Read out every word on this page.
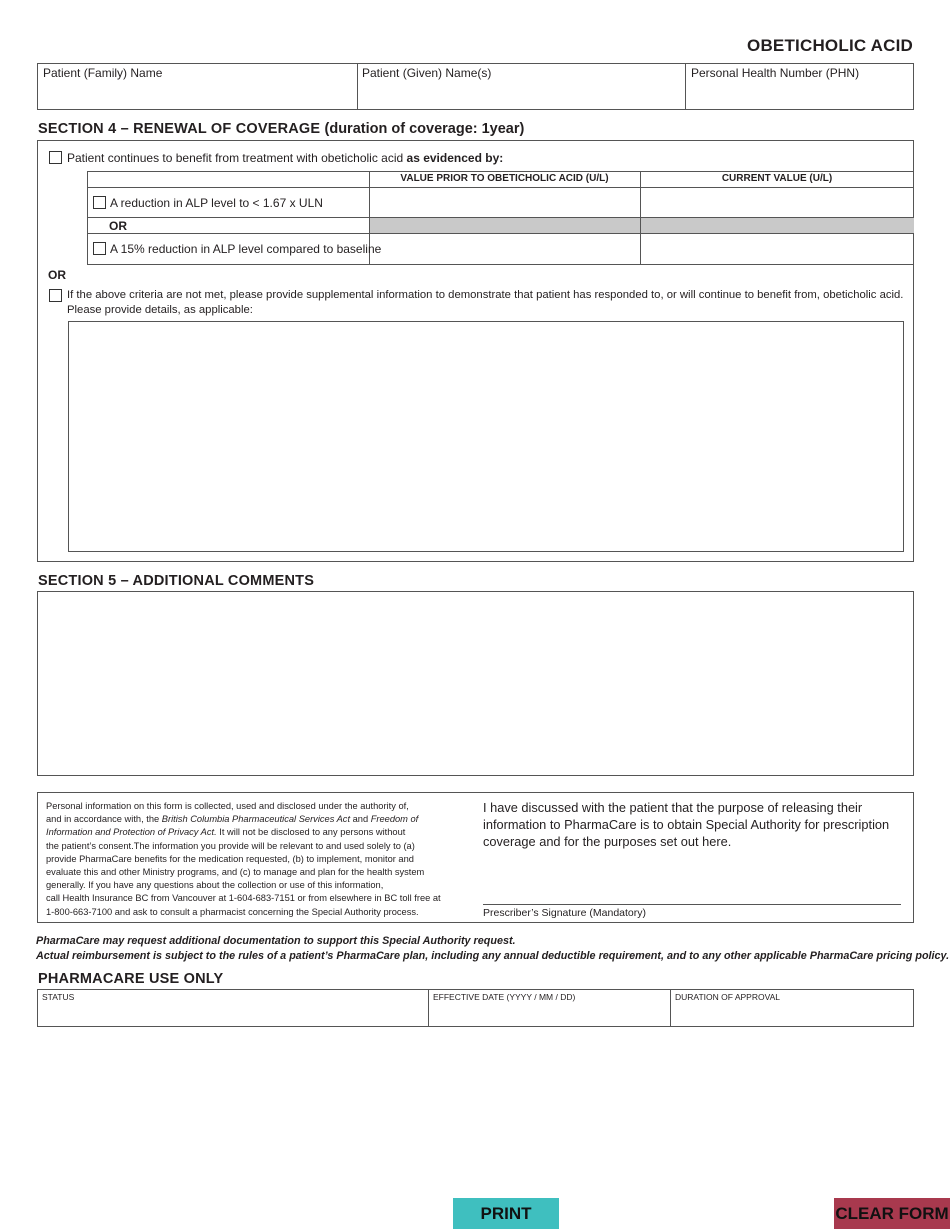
OBETICHOLIC ACID
Patient (Family) Name	Patient (Given) Name(s)	Personal Health Number (PHN)
SECTION 4 – RENEWAL OF COVERAGE (duration of coverage: 1year)
Patient continues to benefit from treatment with obeticholic acid as evidenced by:
VALUE PRIOR TO OBETICHOLIC ACID (U/L)	CURRENT VALUE (U/L)
A reduction in ALP level to < 1.67 x ULN
OR
A 15% reduction in ALP level compared to baseline
OR
If the above criteria are not met, please provide supplemental information to demonstrate that patient has responded to, or will continue to benefit from, obeticholic acid.
Please provide details, as applicable:
SECTION 5 – ADDITIONAL COMMENTS
Personal information on this form is collected, used and disclosed under the authority of,
and in accordance with, the British Columbia Pharmaceutical Services Act and Freedom of
Information and Protection of Privacy Act. It will not be disclosed to any persons without
the patient’s consent.The information you provide will be relevant to and used solely to (a)
provide PharmaCare benefits for the medication requested, (b) to implement, monitor and
evaluate this and other Ministry programs, and (c) to manage and plan for the health system
generally. If you have any questions about the collection or use of this information,
call Health Insurance BC from Vancouver at 1-604-683-7151 or from elsewhere in BC toll free at
1-800-663-7100 and ask to consult a pharmacist concerning the Special Authority process.
I have discussed with the patient that the purpose of releasing their
information to PharmaCare is to obtain Special Authority for prescription
coverage and for the purposes set out here.
Prescriber’s Signature (Mandatory)
PharmaCare may request additional documentation to support this Special Authority request.
Actual reimbursement is subject to the rules of a patient’s PharmaCare plan, including any annual deductible requirement, and to any other applicable PharmaCare pricing policy.
PHARMACARE USE ONLY
STATUS	EFFECTIVE DATE (YYYY / MM / DD)	DURATION OF APPROVAL
PRINT	CLEAR FORM
